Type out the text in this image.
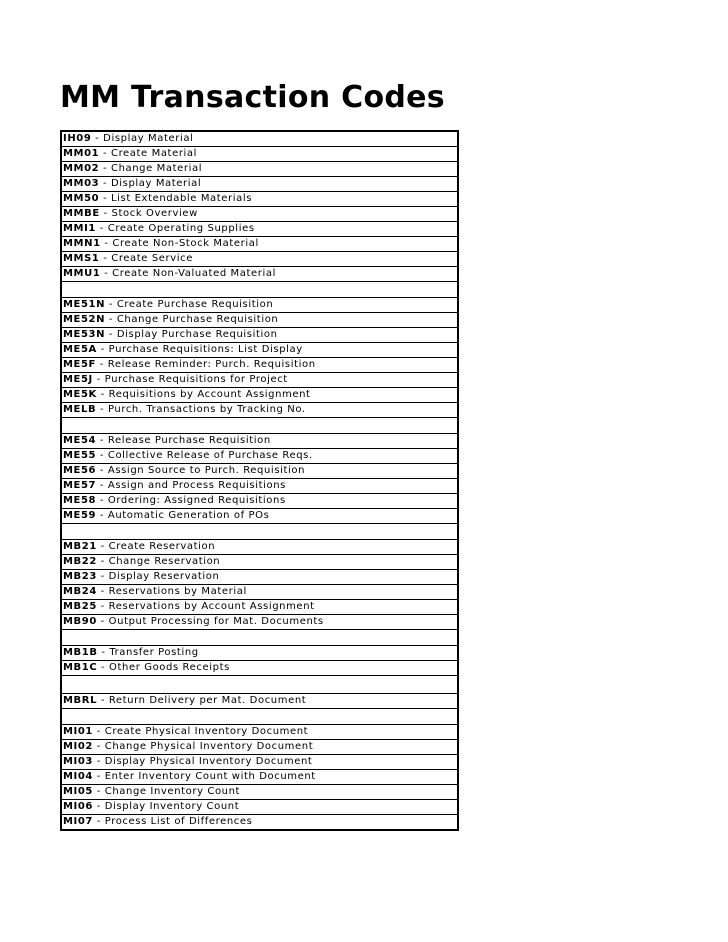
MM Transaction Codes
IH09 - Display Material
MM01 - Create Material
MM02 - Change Material
MM03 - Display Material
MM50 - List Extendable Materials
MMBE - Stock Overview
MMI1 - Create Operating Supplies
MMN1 - Create Non-Stock Material
MMS1 - Create Service
MMU1 - Create Non-Valuated Material

ME51N - Create Purchase Requisition
ME52N - Change Purchase Requisition
ME53N - Display Purchase Requisition
ME5A - Purchase Requisitions: List Display
ME5F - Release Reminder: Purch. Requisition
ME5J - Purchase Requisitions for Project
ME5K - Requisitions by Account Assignment
MELB - Purch. Transactions by Tracking No.

ME54 - Release Purchase Requisition
ME55 - Collective Release of Purchase Reqs.
ME56 - Assign Source to Purch. Requisition
ME57 - Assign and Process Requisitions
ME58 - Ordering: Assigned Requisitions
ME59 - Automatic Generation of POs

MB21 - Create Reservation
MB22 - Change Reservation
MB23 - Display Reservation
MB24 - Reservations by Material
MB25 - Reservations by Account Assignment
MB90 - Output Processing for Mat. Documents

MB1B - Transfer Posting
MB1C - Other Goods Receipts

MBRL - Return Delivery per Mat. Document

MI01 - Create Physical Inventory Document
MI02 - Change Physical Inventory Document
MI03 - Display Physical Inventory Document
MI04 - Enter Inventory Count with Document
MI05 - Change Inventory Count
MI06 - Display Inventory Count
MI07 - Process List of Differences
